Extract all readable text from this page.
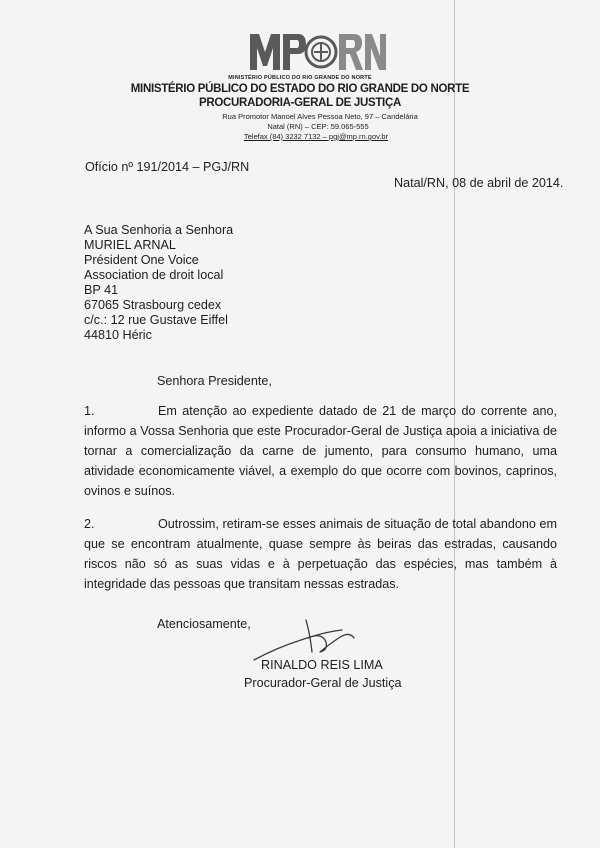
MINISTÉRIO PÚBLICO DO RIO GRANDE DO NORTE
MINISTÉRIO PÚBLICO DO ESTADO DO RIO GRANDE DO NORTE
PROCURADORIA-GERAL DE JUSTIÇA
Rua Promotor Manoel Alves Pessoa Neto, 97 – Candelária
Natal (RN) – CEP: 59.065-555
Telefax (84) 3232 7132 – pgj@mp.rn.gov.br
Ofício nº 191/2014 – PGJ/RN
Natal/RN, 08 de abril de 2014.
A Sua Senhoria a Senhora
MURIEL ARNAL
Président One Voice
Association de droit local
BP 41
67065 Strasbourg cedex
c/c.: 12 rue Gustave Eiffel
44810 Héric
Senhora Presidente,
1.	Em atenção ao expediente datado de 21 de março do corrente ano, informo a Vossa Senhoria que este Procurador-Geral de Justiça apoia a iniciativa de tornar a comercialização da carne de jumento, para consumo humano, uma atividade economicamente viável, a exemplo do que ocorre com bovinos, caprinos, ovinos e suínos.
2.	Outrossim, retiram-se esses animais de situação de total abandono em que se encontram atualmente, quase sempre às beiras das estradas, causando riscos não só as suas vidas e à perpetuação das espécies, mas também à integridade das pessoas que transitam nessas estradas.
Atenciosamente,
RINALDO REIS LIMA
Procurador-Geral de Justiça
